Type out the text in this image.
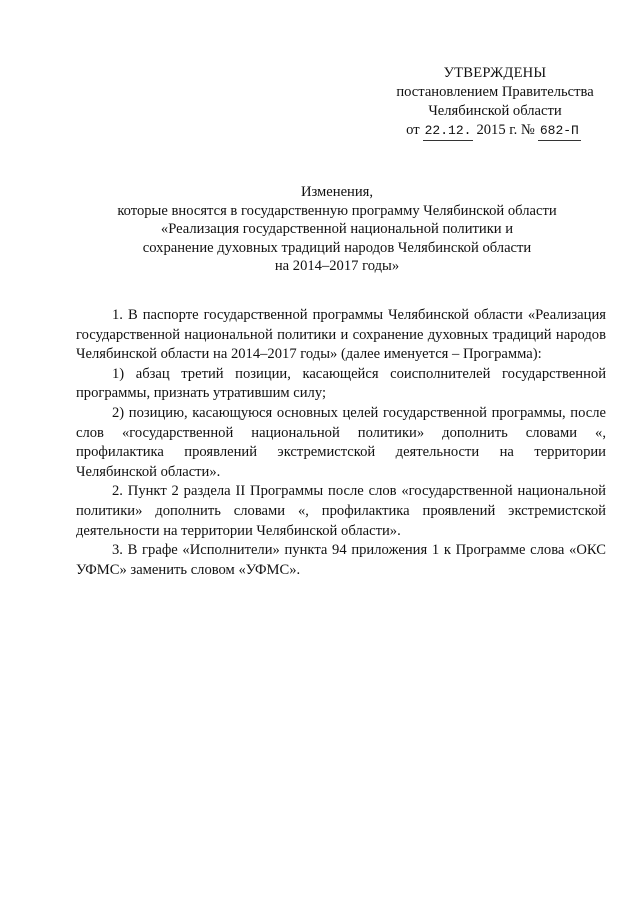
УТВЕРЖДЕНЫ
постановлением Правительства
Челябинской области
от 22.12. 2015 г. № 682-П
Изменения,
которые вносятся в государственную программу Челябинской области
«Реализация государственной национальной политики и
сохранение духовных традиций народов Челябинской области
на 2014–2017 годы»

1. В паспорте государственной программы Челябинской области «Реализация государственной национальной политики и сохранение духовных традиций народов Челябинской области на 2014–2017 годы» (далее именуется – Программа):

1) абзац третий позиции, касающейся соисполнителей государственной программы, признать утратившим силу;

2) позицию, касающуюся основных целей государственной программы, после слов «государственной национальной политики» дополнить словами «, профилактика проявлений экстремистской деятельности на территории Челябинской области».

2. Пункт 2 раздела II Программы после слов «государственной национальной политики» дополнить словами «, профилактика проявлений экстремистской деятельности на территории Челябинской области».

3. В графе «Исполнители» пункта 94 приложения 1 к Программе слова «ОКС УФМС» заменить словом «УФМС».
